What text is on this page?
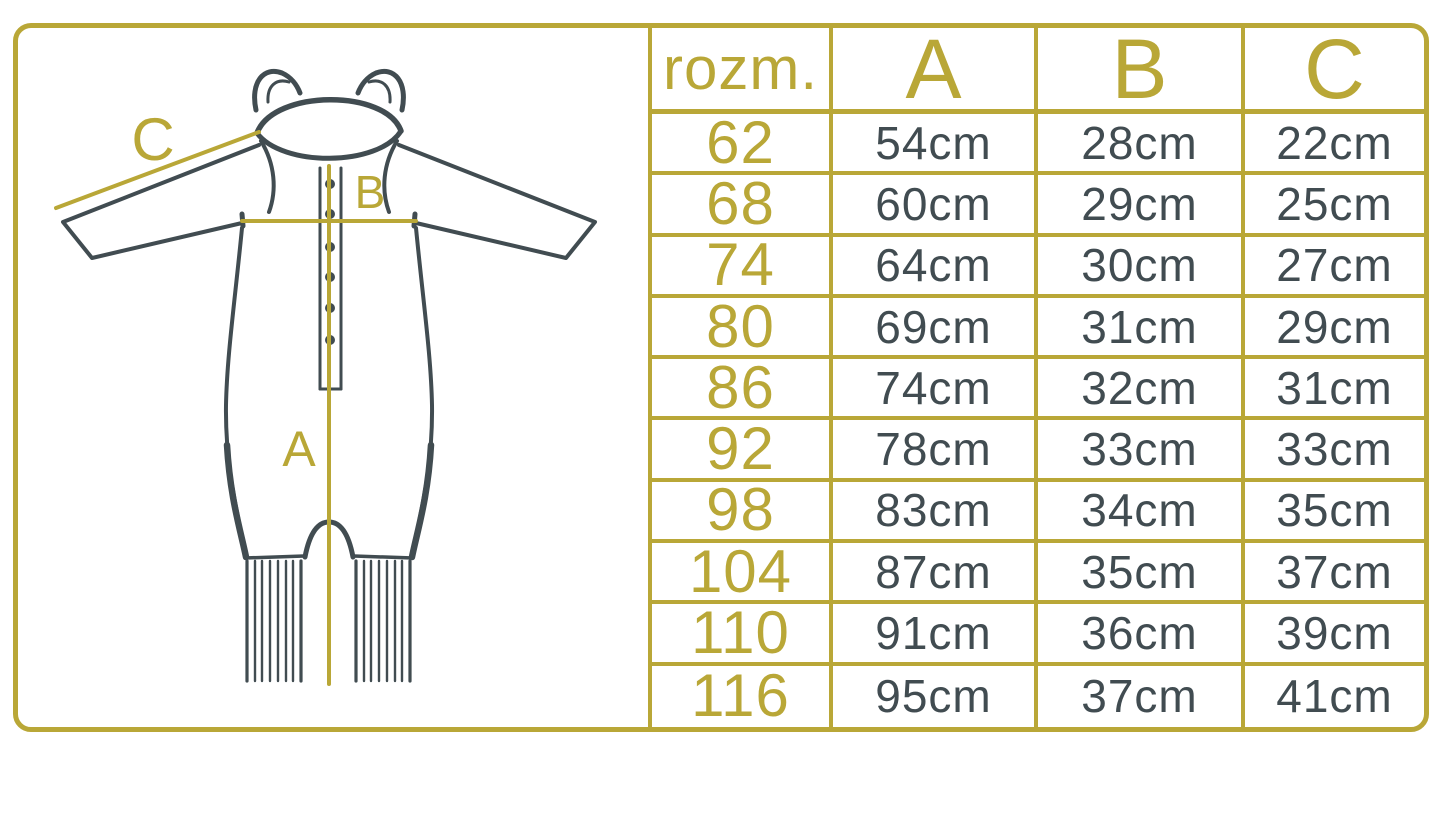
C
B
A
rozm.	A	B	C
62	54cm	28cm	22cm
68	60cm	29cm	25cm
74	64cm	30cm	27cm
80	69cm	31cm	29cm
86	74cm	32cm	31cm
92	78cm	33cm	33cm
98	83cm	34cm	35cm
104	87cm	35cm	37cm
110	91cm	36cm	39cm
116	95cm	37cm	41cm
